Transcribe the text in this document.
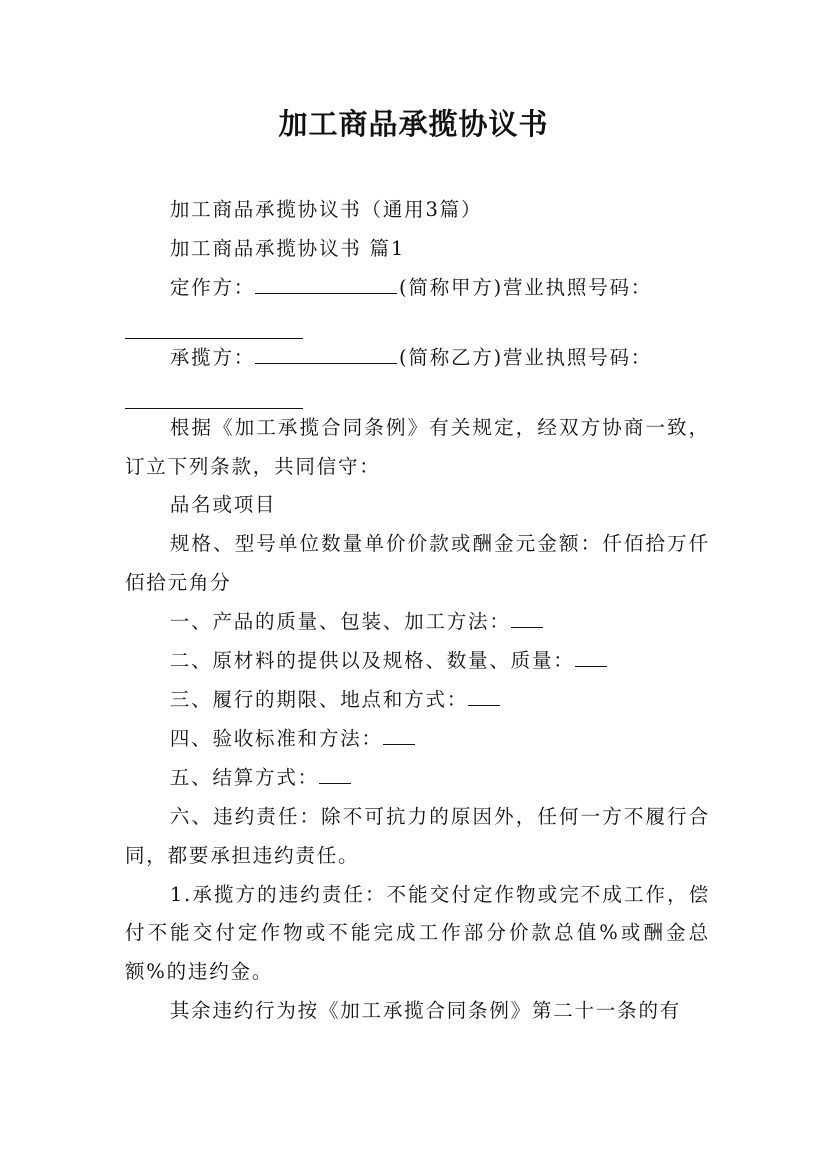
加工商品承揽协议书

加工商品承揽协议书（通用3篇）

加工商品承揽协议书 篇1

定作方：	(简称甲方)营业执照号码：

承揽方：	(简称乙方)营业执照号码：

根据《加工承揽合同条例》有关规定，经双方协商一致，订立下列条款，共同信守：

品名或项目

规格、型号单位数量单价价款或酬金元金额：仟佰拾万仟佰拾元角分

一、产品的质量、包装、加工方法：

二、原材料的提供以及规格、数量、质量：

三、履行的期限、地点和方式：

四、验收标准和方法：

五、结算方式：

六、违约责任：除不可抗力的原因外，任何一方不履行合同，都要承担违约责任。

1.承揽方的违约责任：不能交付定作物或完不成工作，偿付不能交付定作物或不能完成工作部分价款总值%或酬金总额%的违约金。

其余违约行为按《加工承揽合同条例》第二十一条的有
